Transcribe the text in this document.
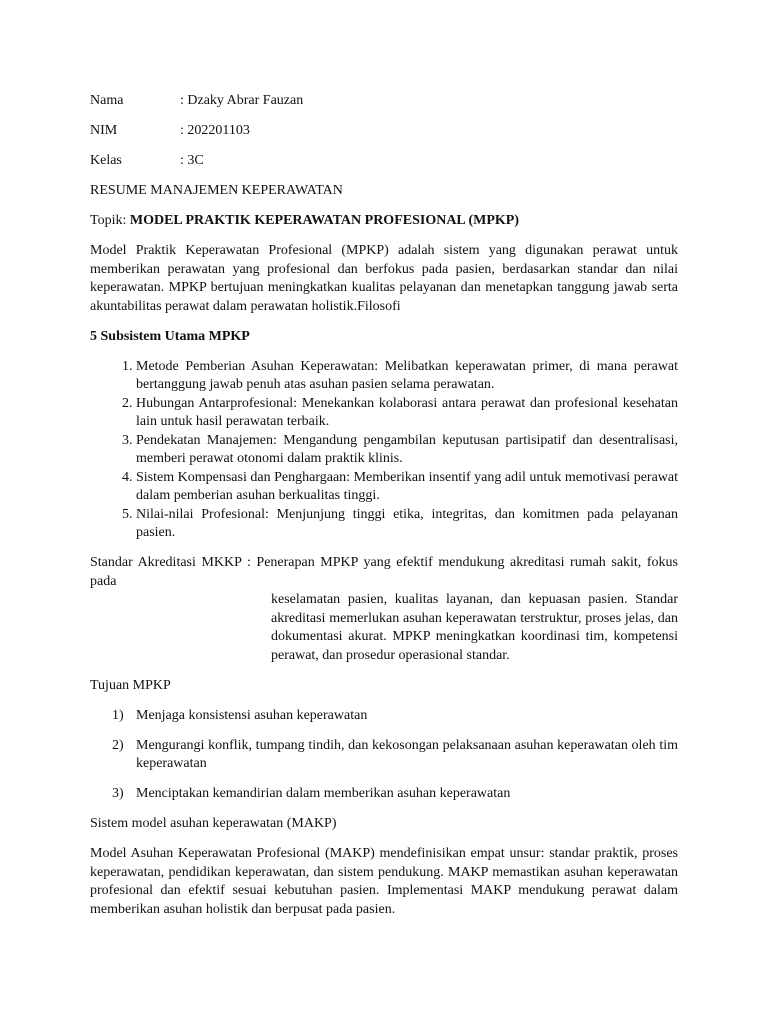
Nama	: Dzaky Abrar Fauzan
NIM	: 202201103
Kelas	: 3C

RESUME MANAJEMEN KEPERAWATAN

Topik: MODEL PRAKTIK KEPERAWATAN PROFESIONAL (MPKP)

Model Praktik Keperawatan Profesional (MPKP) adalah sistem yang digunakan perawat untuk memberikan perawatan yang profesional dan berfokus pada pasien, berdasarkan standar dan nilai keperawatan. MPKP bertujuan meningkatkan kualitas pelayanan dan menetapkan tanggung jawab serta akuntabilitas perawat dalam perawatan holistik.Filosofi

5 Subsistem Utama MPKP

1. Metode Pemberian Asuhan Keperawatan: Melibatkan keperawatan primer, di mana perawat bertanggung jawab penuh atas asuhan pasien selama perawatan.
2. Hubungan Antarprofesional: Menekankan kolaborasi antara perawat dan profesional kesehatan lain untuk hasil perawatan terbaik.
3. Pendekatan Manajemen: Mengandung pengambilan keputusan partisipatif dan desentralisasi, memberi perawat otonomi dalam praktik klinis.
4. Sistem Kompensasi dan Penghargaan: Memberikan insentif yang adil untuk memotivasi perawat dalam pemberian asuhan berkualitas tinggi.
5. Nilai-nilai Profesional: Menjunjung tinggi etika, integritas, dan komitmen pada pelayanan pasien.
Standar Akreditasi MKKP : Penerapan MPKP yang efektif mendukung akreditasi rumah sakit, fokus pada
keselamatan pasien, kualitas layanan, dan kepuasan pasien. Standar akreditasi memerlukan asuhan keperawatan terstruktur, proses jelas, dan dokumentasi akurat. MPKP meningkatkan koordinasi tim, kompetensi perawat, dan prosedur operasional standar.

Tujuan MPKP

1) Menjaga konsistensi asuhan keperawatan
2) Mengurangi konflik, tumpang tindih, dan kekosongan pelaksanaan asuhan keperawatan oleh tim keperawatan
3) Menciptakan kemandirian dalam memberikan asuhan keperawatan

Sistem model asuhan keperawatan (MAKP)

Model Asuhan Keperawatan Profesional (MAKP) mendefinisikan empat unsur: standar praktik, proses keperawatan, pendidikan keperawatan, dan sistem pendukung. MAKP memastikan asuhan keperawatan profesional dan efektif sesuai kebutuhan pasien. Implementasi MAKP mendukung perawat dalam memberikan asuhan holistik dan berpusat pada pasien.
